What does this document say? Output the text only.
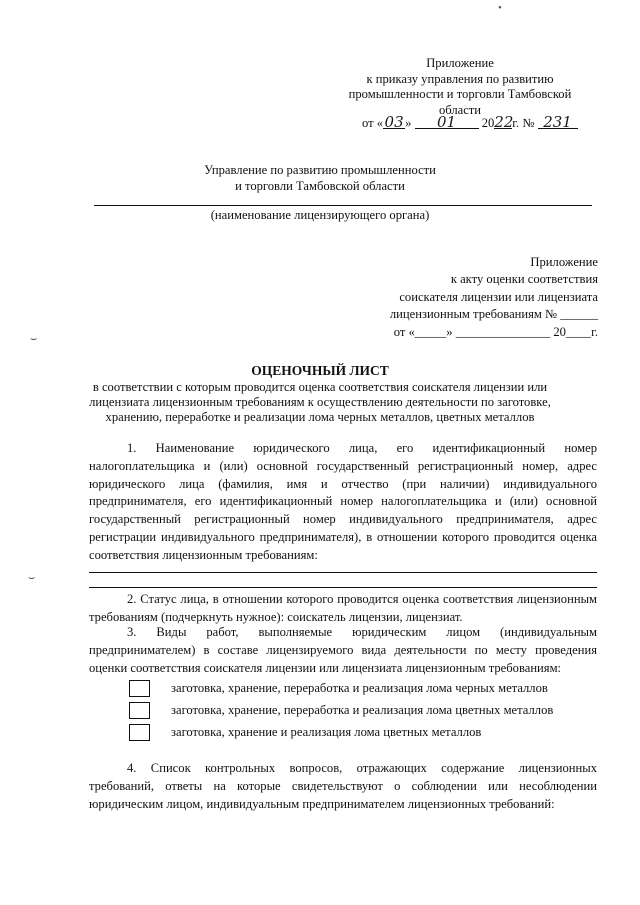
•
⌣
⌣
Приложение
к приказу управления по развитию
промышленности и торговли Тамбовской
области
от «03» 01 2022г. № 231
Управление по развитию промышленности
и торговли Тамбовской области
(наименование лицензирующего органа)
Приложение
к акту оценки соответствия
соискателя лицензии или лицензиата
лицензионным требованиям № ______
от «_____» _______________ 20____г.
ОЦЕНОЧНЫЙ ЛИСТ
в соответствии с которым проводится оценка соответствия соискателя лицензии или
лицензиата лицензионным требованиям к осуществлению деятельности по заготовке,
хранению, переработке и реализации лома черных металлов, цветных металлов
1. Наименование юридического лица, его идентификационный номер налогоплательщика и (или) основной государственный регистрационный номер, адрес юридического лица (фамилия, имя и отчество (при наличии) индивидуального предпринимателя, его идентификационный номер налогоплательщика и (или) основной государственный регистрационный номер индивидуального предпринимателя, адрес регистрации индивидуального предпринимателя), в отношении которого проводится оценка соответствия лицензионным требованиям:
2. Статус лица, в отношении которого проводится оценка соответствия лицензионным требованиям (подчеркнуть нужное): соискатель лицензии, лицензиат.
3. Виды работ, выполняемые юридическим лицом (индивидуальным предпринимателем) в составе лицензируемого вида деятельности по месту проведения оценки соответствия соискателя лицензии или лицензиата лицензионным требованиям:
заготовка, хранение, переработка и реализация лома черных металлов
заготовка, хранение, переработка и реализация лома цветных металлов
заготовка, хранение и реализация лома цветных металлов
4. Список контрольных вопросов, отражающих содержание лицензионных требований, ответы на которые свидетельствуют о соблюдении или несоблюдении юридическим лицом, индивидуальным предпринимателем лицензионных требований:
